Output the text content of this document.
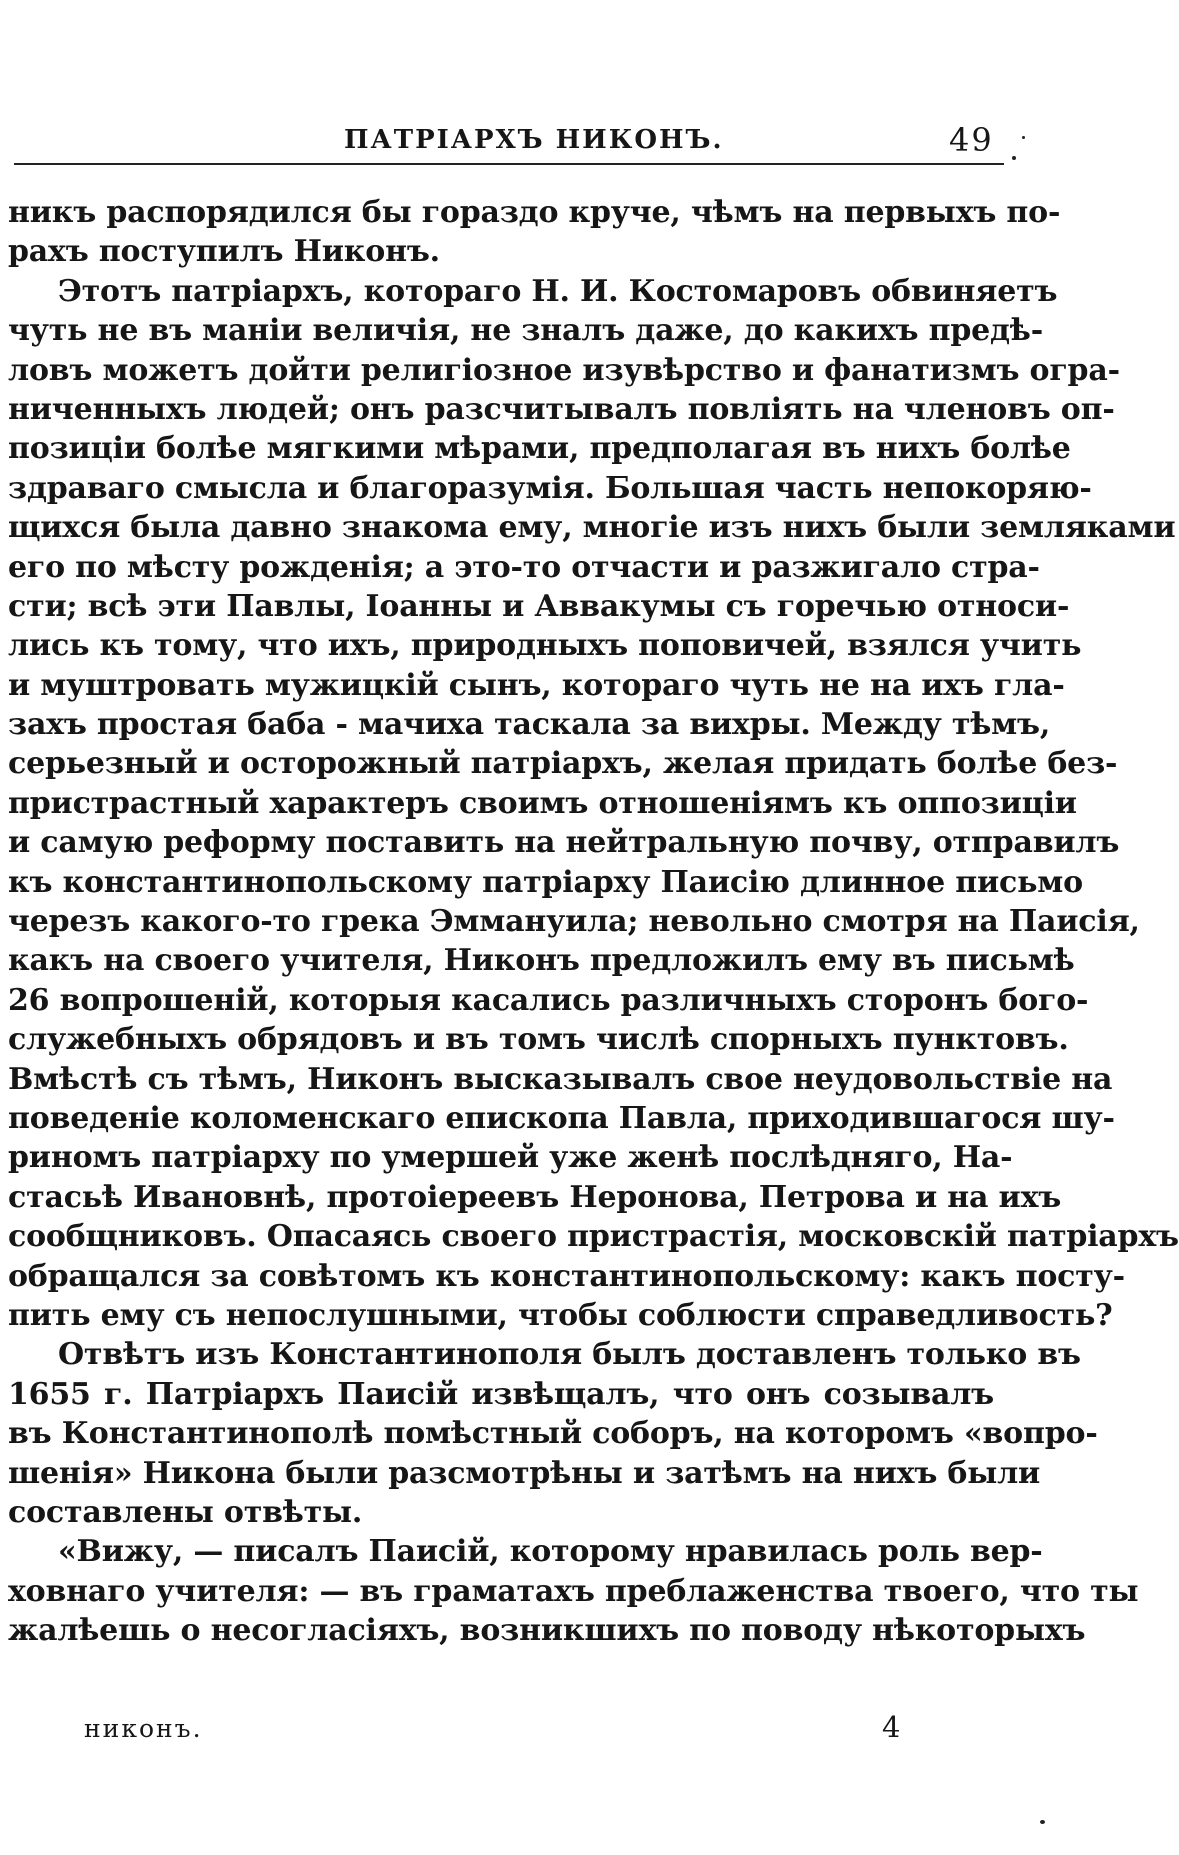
ПАТРІАРХЪ НИКОНЪ.	49
никъ распорядился бы гораздо круче, чѣмъ на первыхъ по-
рахъ поступилъ Никонъ.
Этотъ патріархъ, котораго Н. И. Костомаровъ обвиняетъ
чуть не въ маніи величія, не зналъ даже, до какихъ предѣ-
ловъ можетъ дойти религіозное изувѣрство и фанатизмъ огра-
ниченныхъ людей; онъ разсчитывалъ повліять на членовъ оп-
позиціи болѣе мягкими мѣрами, предполагая въ нихъ болѣе
здраваго смысла и благоразумія. Большая часть непокоряю-
щихся была давно знакома ему, многіе изъ нихъ были земляками
его по мѣсту рожденія; а это-то отчасти и разжигало стра-
сти; всѣ эти Павлы, Іоанны и Аввакумы съ горечью относи-
лись къ тому, что ихъ, природныхъ поповичей, взялся учить
и муштровать мужицкій сынъ, котораго чуть не на ихъ гла-
захъ простая баба - мачиха таскала за вихры. Между тѣмъ,
серьезный и осторожный патріархъ, желая придать болѣе без-
пристрастный характеръ своимъ отношеніямъ къ оппозиціи
и самую реформу поставить на нейтральную почву, отправилъ
къ константинопольскому патріарху Паисію длинное письмо
черезъ какого-то грека Эммануила; невольно смотря на Паисія,
какъ на своего учителя, Никонъ предложилъ ему въ письмѣ
26 вопрошеній, которыя касались различныхъ сторонъ бого-
служебныхъ обрядовъ и въ томъ числѣ спорныхъ пунктовъ.
Вмѣстѣ съ тѣмъ, Никонъ высказывалъ свое неудовольствіе на
поведеніе коломенскаго епископа Павла, приходившагося шу-
риномъ патріарху по умершей уже женѣ послѣдняго, На-
стасьѣ Ивановнѣ, протоіереевъ Неронова, Петрова и на ихъ
сообщниковъ. Опасаясь своего пристрастія, московскій патріархъ
обращался за совѣтомъ къ константинопольскому: какъ посту-
пить ему съ непослушными, чтобы соблюсти справедливость?
Отвѣтъ изъ Константинополя былъ доставленъ только въ
1655 г. Патріархъ Паисій извѣщалъ, что онъ созывалъ
въ Константинополѣ помѣстный соборъ, на которомъ «вопро-
шенія» Никона были разсмотрѣны и затѣмъ на нихъ были
составлены отвѣты.
«Вижу, — писалъ Паисій, которому нравилась роль вер-
ховнаго учителя: — въ граматахъ преблаженства твоего, что ты
жалѣешь о несогласіяхъ, возникшихъ по поводу нѣкоторыхъ
никонъ.	4
